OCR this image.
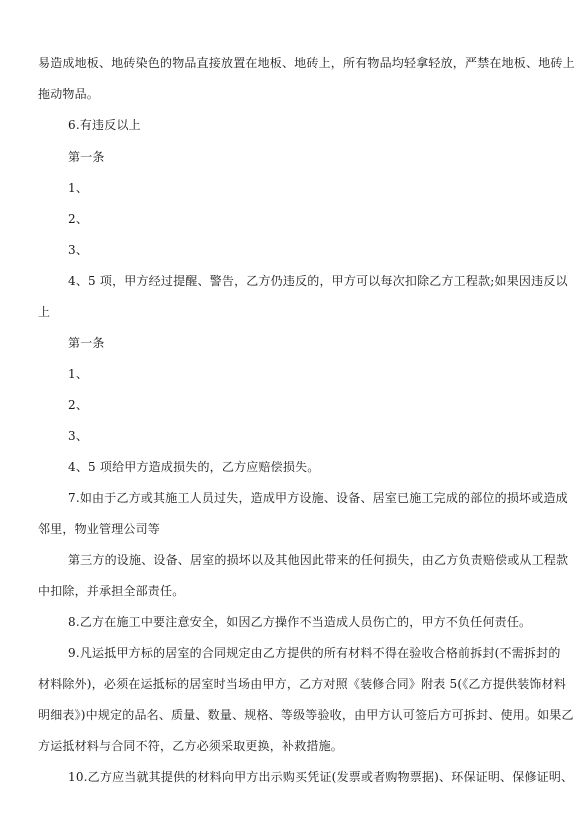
易造成地板、地砖染色的物品直接放置在地板、地砖上，所有物品均轻拿轻放，严禁在地板、地砖上
拖动物品。
6.有违反以上
第一条
1、
2、
3、
4、5 项，甲方经过提醒、警告，乙方仍违反的，甲方可以每次扣除乙方工程款;如果因违反以
上
第一条
1、
2、
3、
4、5 项给甲方造成损失的，乙方应赔偿损失。
7.如由于乙方或其施工人员过失，造成甲方设施、设备、居室已施工完成的部位的损坏或造成
邻里，物业管理公司等
第三方的设施、设备、居室的损坏以及其他因此带来的任何损失，由乙方负责赔偿或从工程款
中扣除，并承担全部责任。
8.乙方在施工中要注意安全，如因乙方操作不当造成人员伤亡的，甲方不负任何责任。
9.凡运抵甲方标的居室的合同规定由乙方提供的所有材料不得在验收合格前拆封(不需拆封的
材料除外)，必须在运抵标的居室时当场由甲方，乙方对照《装修合同》附表 5(《乙方提供装饰材料
明细表》)中规定的品名、质量、数量、规格、等级等验收，由甲方认可签后方可拆封、使用。如果乙
方运抵材料与合同不符，乙方必须采取更换，补救措施。
10.乙方应当就其提供的材料向甲方出示购买凭证(发票或者购物票据)、环保证明、保修证明、
